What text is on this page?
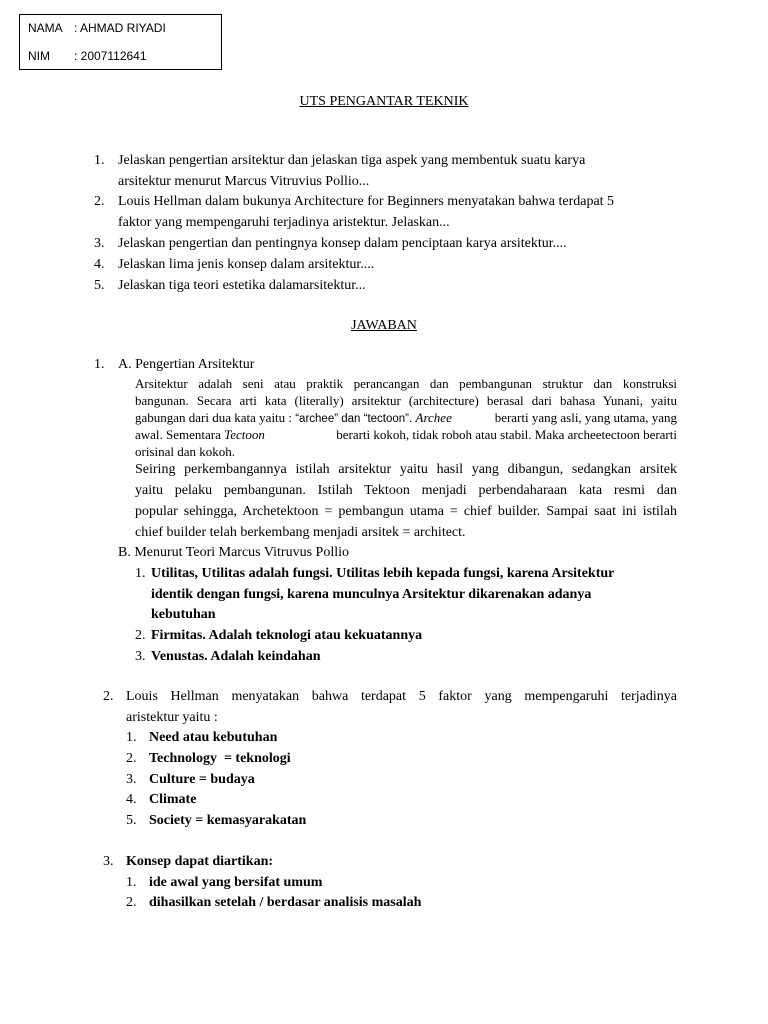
NAMA : AHMAD RIYADI
NIM : 2007112641
UTS PENGANTAR TEKNIK
1. Jelaskan pengertian arsitektur dan jelaskan tiga aspek yang membentuk suatu karya
arsitektur menurut Marcus Vitruvius Pollio...
2. Louis Hellman dalam bukunya Architecture for Beginners menyatakan bahwa terdapat 5
faktor yang mempengaruhi terjadinya aristektur. Jelaskan...
3. Jelaskan pengertian dan pentingnya konsep dalam penciptaan karya arsitektur....
4. Jelaskan lima jenis konsep dalam arsitektur....
5. Jelaskan tiga teori estetika dalamarsitektur...
JAWABAN
1. A. Pengertian Arsitektur
Arsitektur adalah seni atau praktik perancangan dan pembangunan struktur dan konstruksi
bangunan. Secara arti kata (literally) arsitektur (architecture) berasal dari bahasa Yunani, yaitu
gabungan dari dua kata yaitu : “archee” dan “tectoon”. Archee	berarti yang asli, yang utama, yang
awal. Sementara Tectoon	berarti kokoh, tidak roboh atau stabil. Maka archeetectoon berarti
orisinal dan kokoh.
Seiring perkembangannya istilah arsitektur yaitu hasil yang dibangun, sedangkan arsitek
yaitu pelaku pembangunan. Istilah Tektoon menjadi perbendaharaan kata resmi dan
popular sehingga, Archetektoon = pembangun utama = chief builder. Sampai saat ini istilah
chief builder telah berkembang menjadi arsitek = architect.
B. Menurut Teori Marcus Vitruvus Pollio
1. Utilitas, Utilitas adalah fungsi. Utilitas lebih kepada fungsi, karena Arsitektur
identik dengan fungsi, karena munculnya Arsitektur dikarenakan adanya
kebutuhan
2. Firmitas. Adalah teknologi atau kekuatannya
3. Venustas. Adalah keindahan
2. Louis Hellman menyatakan bahwa terdapat 5 faktor yang mempengaruhi terjadinya
aristektur yaitu :
1. Need atau kebutuhan
2. Technology  = teknologi
3. Culture = budaya
4. Climate
5. Society = kemasyarakatan
3. Konsep dapat diartikan:
1. ide awal yang bersifat umum
2. dihasilkan setelah / berdasar analisis masalah
